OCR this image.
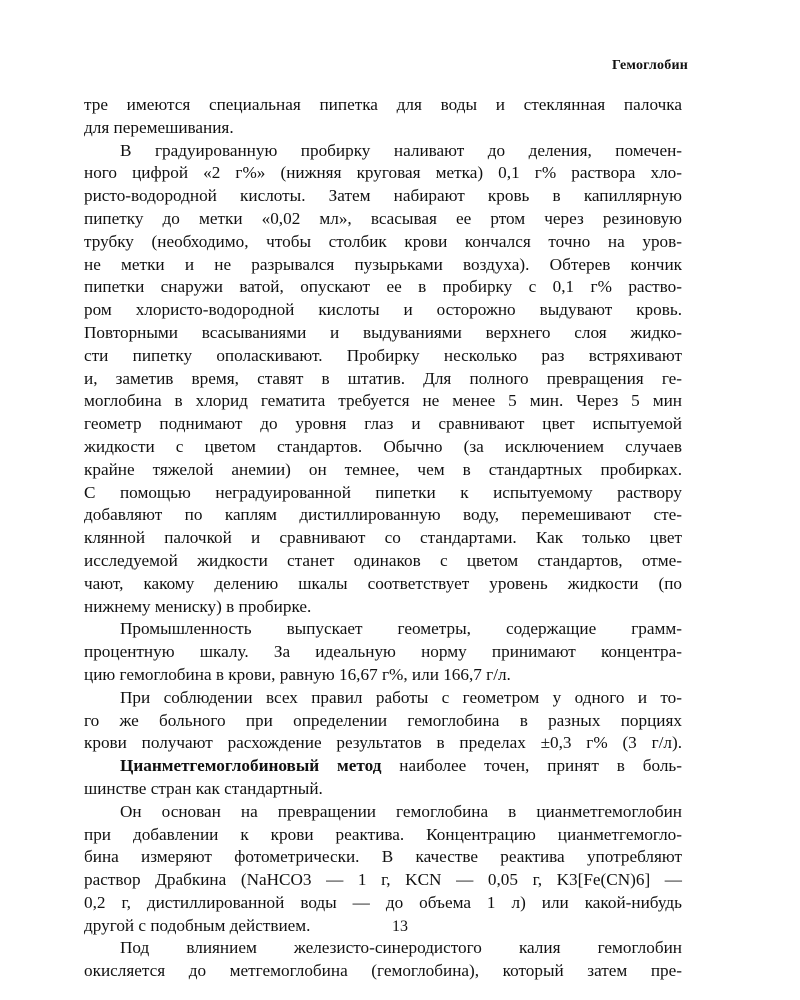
Гемоглобин
тре имеются специальная пипетка для воды и стеклянная палочка
для перемешивания.
В градуированную пробирку наливают до деления, помечен-
ного цифрой «2 г%» (нижняя круговая метка) 0,1 г% раствора хло-
ристо-водородной кислоты. Затем набирают кровь в капиллярную
пипетку до метки «0,02 мл», всасывая ее ртом через резиновую
трубку (необходимо, чтобы столбик крови кончался точно на уров-
не метки и не разрывался пузырьками воздуха). Обтерев кончик
пипетки снаружи ватой, опускают ее в пробирку с 0,1 г% раство-
ром хлористо-водородной кислоты и осторожно выдувают кровь.
Повторными всасываниями и выдуваниями верхнего слоя жидко-
сти пипетку ополаскивают. Пробирку несколько раз встряхивают
и, заметив время, ставят в штатив. Для полного превращения ге-
моглобина в хлорид гематита требуется не менее 5 мин. Через 5 мин
геометр поднимают до уровня глаз и сравнивают цвет испытуемой
жидкости с цветом стандартов. Обычно (за исключением случаев
крайне тяжелой анемии) он темнее, чем в стандартных пробирках.
С помощью неградуированной пипетки к испытуемому раствору
добавляют по каплям дистиллированную воду, перемешивают сте-
клянной палочкой и сравнивают со стандартами. Как только цвет
исследуемой жидкости станет одинаков с цветом стандартов, отме-
чают, какому делению шкалы соответствует уровень жидкости (по
нижнему мениску) в пробирке.
Промышленность выпускает геометры, содержащие грамм-
процентную шкалу. За идеальную норму принимают концентра-
цию гемоглобина в крови, равную 16,67 г%, или 166,7 г/л.
При соблюдении всех правил работы с геометром у одного и то-
го же больного при определении гемоглобина в разных порциях
крови получают расхождение результатов в пределах ±0,3 г% (3 г/л).
Цианметгемоглобиновый метод наиболее точен, принят в боль-
шинстве стран как стандартный.
Он основан на превращении гемоглобина в цианметгемоглобин
при добавлении к крови реактива. Концентрацию цианметгемогло-
бина измеряют фотометрически. В качестве реактива употребляют
раствор Драбкина (NaHCO3 — 1 г, KCN — 0,05 г, K3[Fe(CN)6] —
0,2 г, дистиллированной воды — до объема 1 л) или какой-нибудь
другой с подобным действием.
Под влиянием железисто-синеродистого калия гемоглобин
окисляется до метгемоглобина (гемоглобина), который затем пре-
13
